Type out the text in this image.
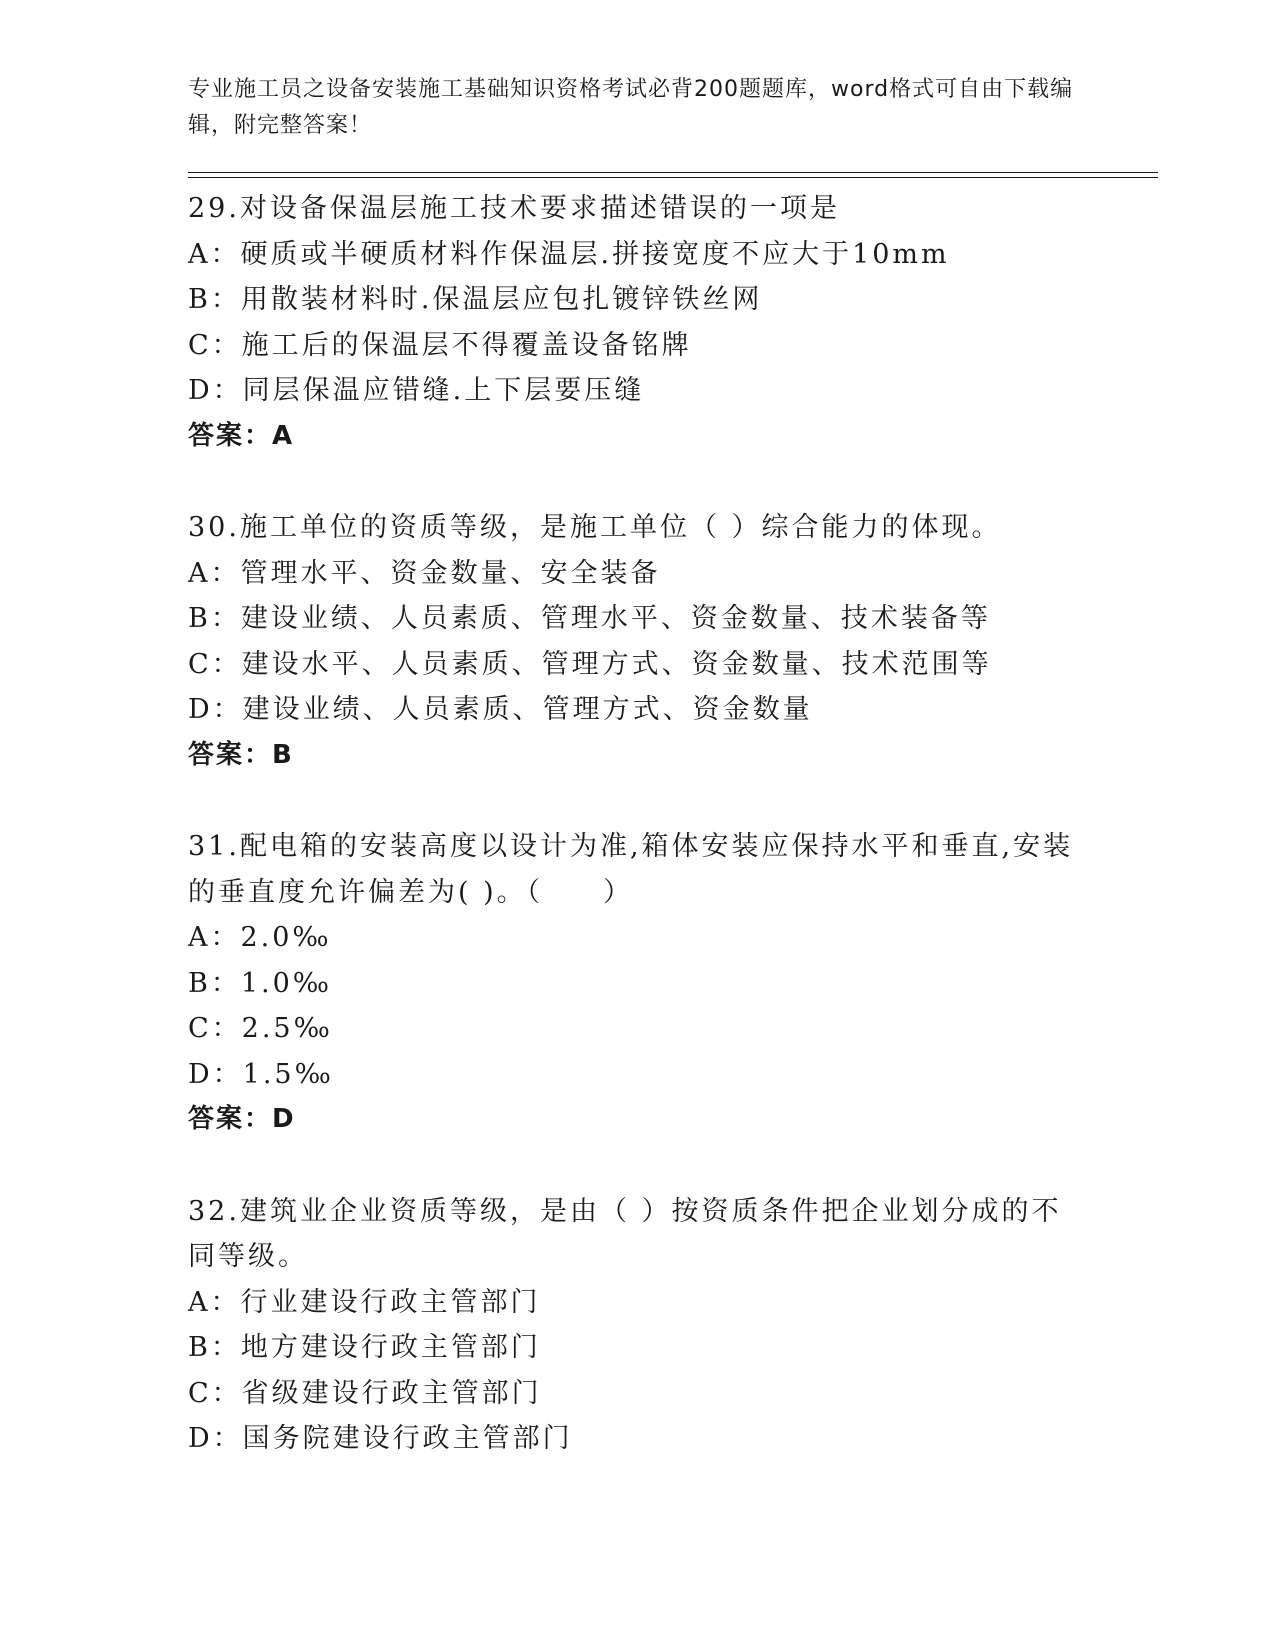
专业施工员之设备安装施工基础知识资格考试必背200题题库，word格式可自由下载编辑，附完整答案！
29.对设备保温层施工技术要求描述错误的一项是
A：硬质或半硬质材料作保温层.拼接宽度不应大于10mm
B：用散装材料时.保温层应包扎镀锌铁丝网
C：施工后的保温层不得覆盖设备铭牌
D：同层保温应错缝.上下层要压缝
答案：A
30.施工单位的资质等级，是施工单位（ ）综合能力的体现。
A：管理水平、资金数量、安全装备
B：建设业绩、人员素质、管理水平、资金数量、技术装备等
C：建设水平、人员素质、管理方式、资金数量、技术范围等
D：建设业绩、人员素质、管理方式、资金数量
答案：B
31.配电箱的安装高度以设计为准,箱体安装应保持水平和垂直,安装的垂直度允许偏差为( )。（　　）
A：2.0‰
B：1.0‰
C：2.5‰
D：1.5‰
答案：D
32.建筑业企业资质等级，是由（ ）按资质条件把企业划分成的不同等级。
A：行业建设行政主管部门
B：地方建设行政主管部门
C：省级建设行政主管部门
D：国务院建设行政主管部门
